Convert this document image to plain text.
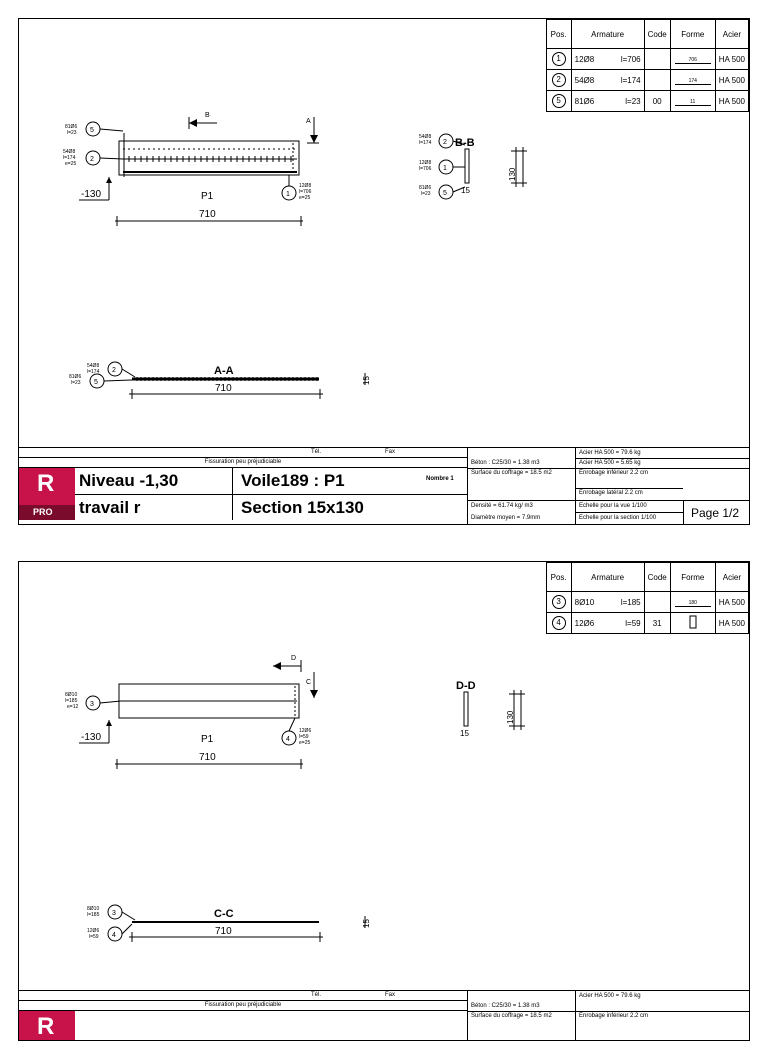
Pos.	Armature	Code	Forme	Acier
1	12Ø8 l=706		706	HA 500
2	54Ø8 l=174		174	HA 500
5	81Ø6 l=23	00	11	HA 500
B
A
P1
710
-130
5
81Ø6
l=23
2
54Ø8
l=174
e=25
1
12Ø8
l=706
e=25
B-B
2
54Ø8
l=174
1
12Ø8
l=706
5
81Ø6
l=23
130
15
A-A
710
15
2
54Ø8
l=174
5
81Ø6
l=23
Tél.	Fax
Fissuration peu préjudiciable
R
PRO
Niveau -1,30
travail r
Voile189 : P1
Section 15x130
Nombre 1
Béton : C25/30 = 1.38 m3
Surface du coffrage = 18.5 m2
Densité = 61.74 kg/ m3
Diamètre moyen = 7.9mm
Acier HA 500 = 79.6 kg
Acier HA 500 = 5.65 kg
Enrobage inférieur 2.2 cm
Enrobage latéral 2.2 cm
Echelle pour la vue 1/100
Echelle pour la section 1/100	Page 1/2
Pos.	Armature	Code	Forme	Acier
3	8Ø10 l=185		180	HA 500
4	12Ø6 l=59	31		HA 500
D
C
P1
710
-130
3
8Ø10
l=185
e=12
4
12Ø6
l=59
e=25
D-D
130
15
C-C
710
15
3
8Ø10
l=185
4
12Ø6
l=59
Tél.	Fax
Fissuration peu préjudiciable
R
Béton : C25/30 = 1.38 m3
Surface du coffrage = 18.5 m2
Acier HA 500 = 79.6 kg
Enrobage inférieur 2.2 cm
